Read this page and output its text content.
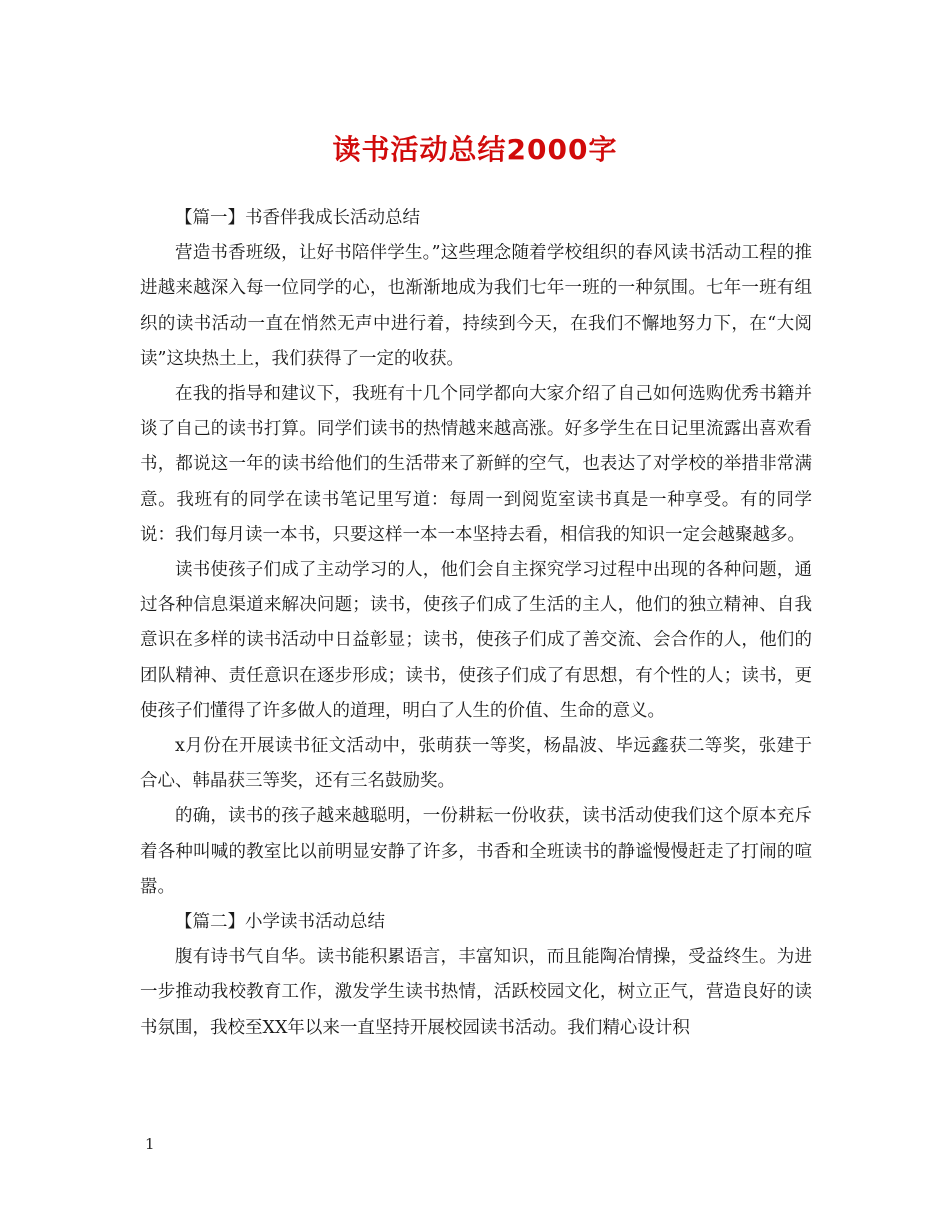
读书活动总结2000字

【篇一】书香伴我成长活动总结

营造书香班级，让好书陪伴学生。”这些理念随着学校组织的春风读书活动工程的推进越来越深入每一位同学的心，也渐渐地成为我们七年一班的一种氛围。七年一班有组织的读书活动一直在悄然无声中进行着，持续到今天，在我们不懈地努力下，在“大阅读”这块热土上，我们获得了一定的收获。

在我的指导和建议下，我班有十几个同学都向大家介绍了自己如何选购优秀书籍并谈了自己的读书打算。同学们读书的热情越来越高涨。好多学生在日记里流露出喜欢看书，都说这一年的读书给他们的生活带来了新鲜的空气，也表达了对学校的举措非常满意。我班有的同学在读书笔记里写道：每周一到阅览室读书真是一种享受。有的同学说：我们每月读一本书，只要这样一本一本坚持去看，相信我的知识一定会越聚越多。

读书使孩子们成了主动学习的人，他们会自主探究学习过程中出现的各种问题，通过各种信息渠道来解决问题；读书，使孩子们成了生活的主人，他们的独立精神、自我意识在多样的读书活动中日益彰显；读书，使孩子们成了善交流、会合作的人，他们的团队精神、责任意识在逐步形成；读书，使孩子们成了有思想，有个性的人；读书，更使孩子们懂得了许多做人的道理，明白了人生的价值、生命的意义。

x月份在开展读书征文活动中，张萌获一等奖，杨晶波、毕远鑫获二等奖，张建于合心、韩晶获三等奖，还有三名鼓励奖。

的确，读书的孩子越来越聪明，一份耕耘一份收获，读书活动使我们这个原本充斥着各种叫喊的教室比以前明显安静了许多，书香和全班读书的静谧慢慢赶走了打闹的喧嚣。

【篇二】小学读书活动总结

腹有诗书气自华。读书能积累语言，丰富知识，而且能陶冶情操，受益终生。为进一步推动我校教育工作，激发学生读书热情，活跃校园文化，树立正气，营造良好的读书氛围，我校至XX年以来一直坚持开展校园读书活动。我们精心设计积

1
